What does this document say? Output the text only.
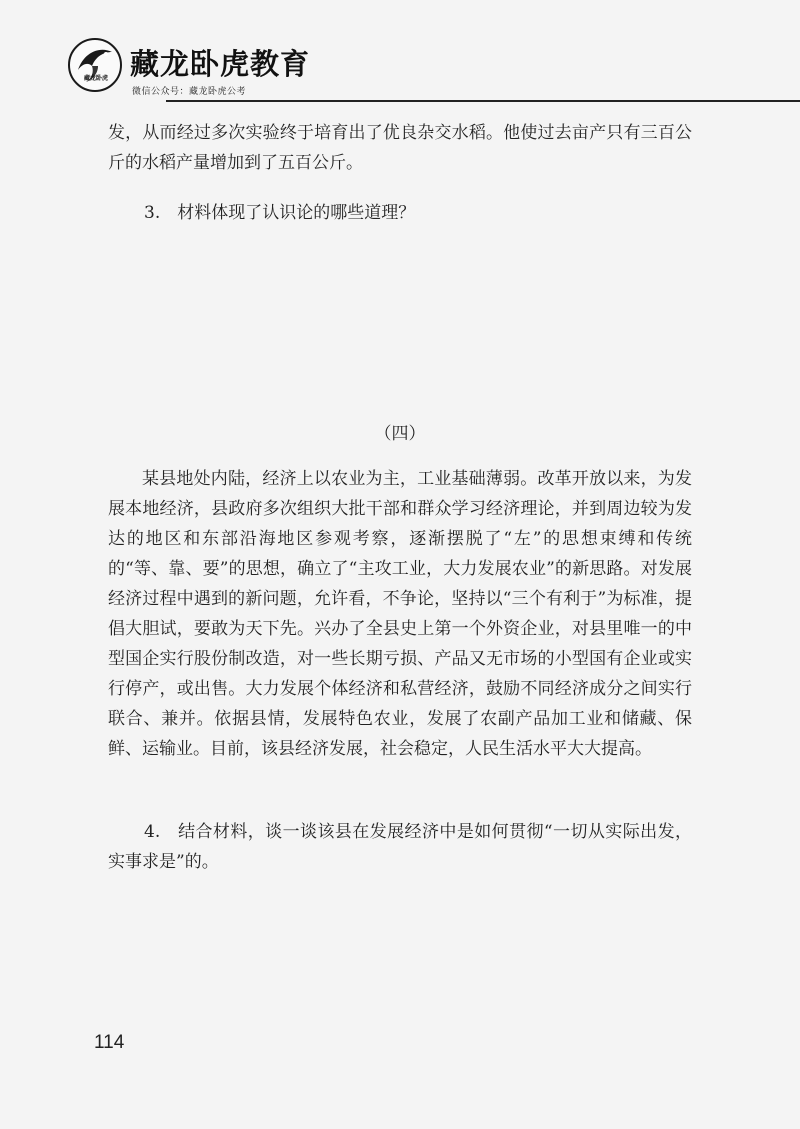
藏龙卧虎 藏龙卧虎教育
微信公众号：藏龙卧虎公考
发，从而经过多次实验终于培育出了优良杂交水稻。他使过去亩产只有三百公斤的水稻产量增加到了五百公斤。
3.　材料体现了认识论的哪些道理？
（四）
某县地处内陆，经济上以农业为主，工业基础薄弱。改革开放以来，为发展本地经济，县政府多次组织大批干部和群众学习经济理论，并到周边较为发达的地区和东部沿海地区参观考察，逐渐摆脱了“左”的思想束缚和传统的“等、靠、要”的思想，确立了“主攻工业，大力发展农业”的新思路。对发展经济过程中遇到的新问题，允许看，不争论，坚持以“三个有利于”为标准，提倡大胆试，要敢为天下先。兴办了全县史上第一个外资企业，对县里唯一的中型国企实行股份制改造，对一些长期亏损、产品又无市场的小型国有企业或实行停产，或出售。大力发展个体经济和私营经济，鼓励不同经济成分之间实行联合、兼并。依据县情，发展特色农业，发展了农副产品加工业和储藏、保鲜、运输业。目前，该县经济发展，社会稳定，人民生活水平大大提高。
4.　结合材料，谈一谈该县在发展经济中是如何贯彻“一切从实际出发，实事求是”的。
114
